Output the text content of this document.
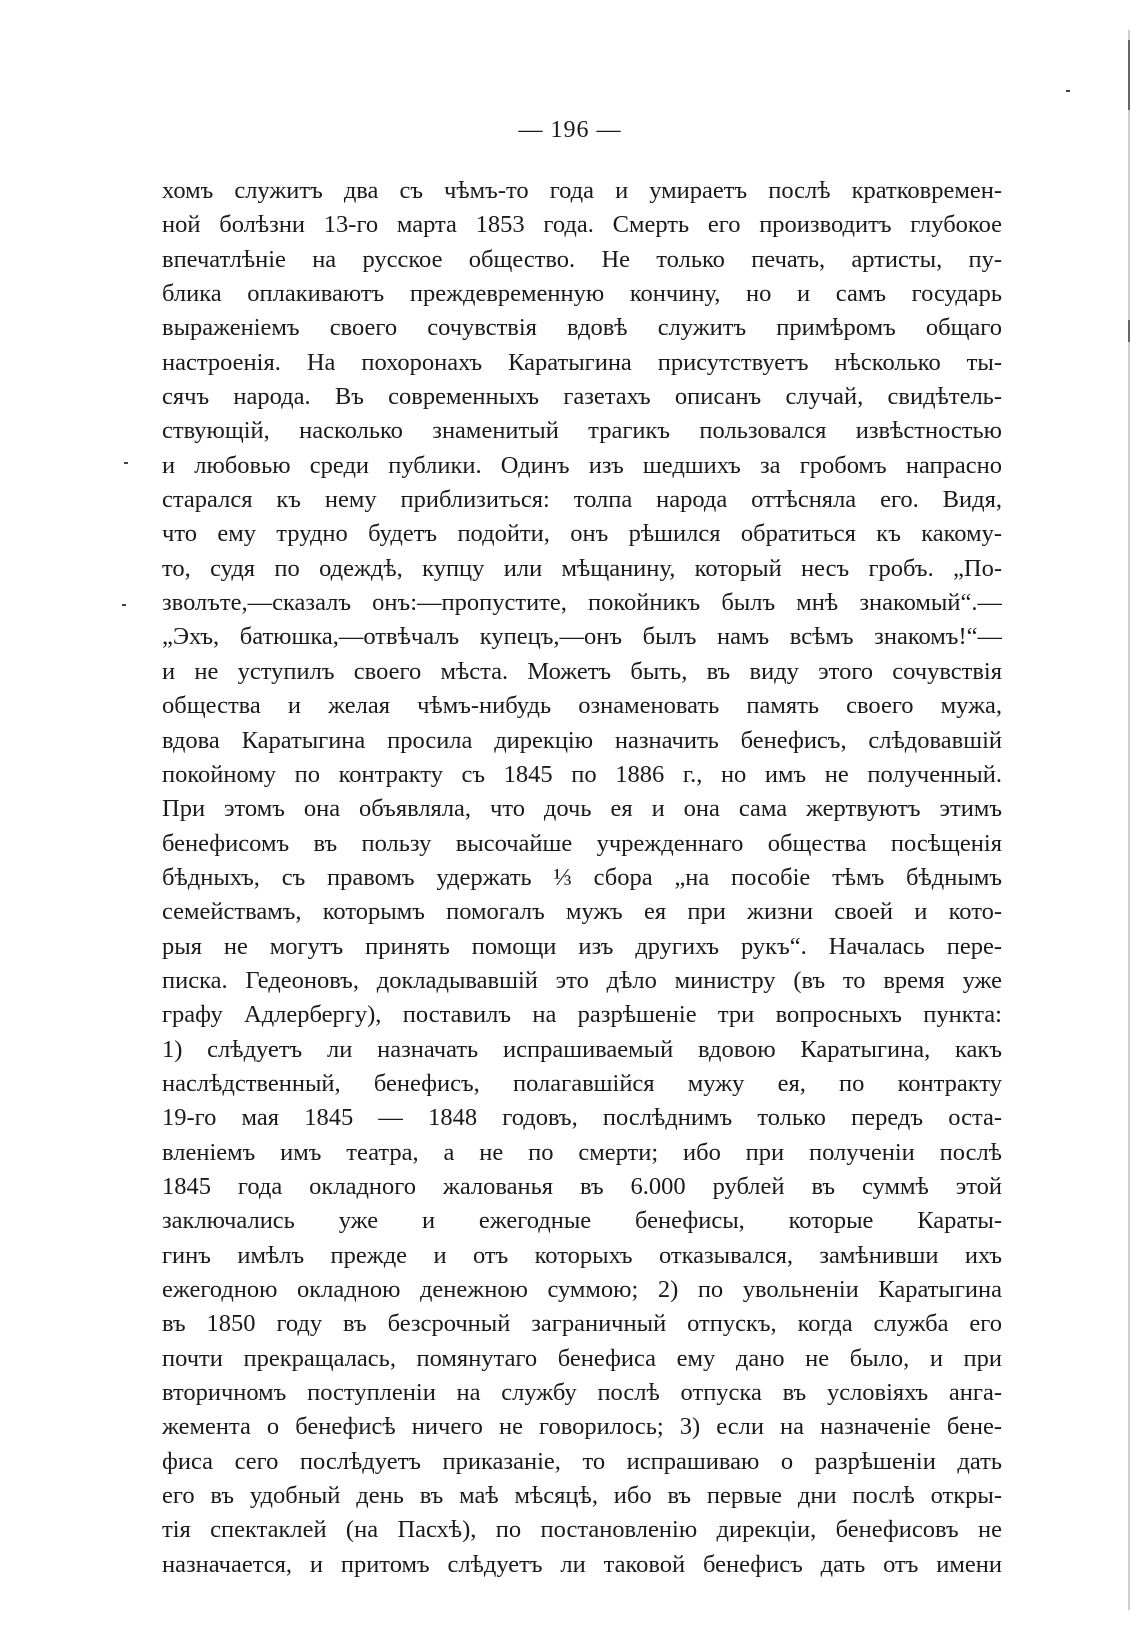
— 196 —
хомъ служитъ два съ чѣмъ-то года и умираетъ послѣ кратковремен-
ной болѣзни 13-го марта 1853 года. Смерть его производитъ глубокое
впечатлѣніе на русское общество. Не только печать, артисты, пу-
блика оплакиваютъ преждевременную кончину, но и самъ государь
выраженіемъ своего сочувствія вдовѣ служитъ примѣромъ общаго
настроенія. На похоронахъ Каратыгина присутствуетъ нѣсколько ты-
сячъ народа. Въ современныхъ газетахъ описанъ случай, свидѣтель-
ствующій, насколько знаменитый трагикъ пользовался извѣстностью
и любовью среди публики. Одинъ изъ шедшихъ за гробомъ напрасно
старался къ нему приблизиться: толпа народа оттѣсняла его. Видя,
что ему трудно будетъ подойти, онъ рѣшился обратиться къ какому-
то, судя по одеждѣ, купцу или мѣщанину, который несъ гробъ. „По-
зволъте,—сказалъ онъ:—пропустите, покойникъ былъ мнѣ знакомый“.—
„Эхъ, батюшка,—отвѣчалъ купецъ,—онъ былъ намъ всѣмъ знакомъ!“—
и не уступилъ своего мѣста. Можетъ быть, въ виду этого сочувствія
общества и желая чѣмъ-нибудь ознаменовать память своего мужа,
вдова Каратыгина просила дирекцію назначить бенефисъ, слѣдовавшій
покойному по контракту съ 1845 по 1886 г., но имъ не полученный.
При этомъ она объявляла, что дочь ея и она сама жертвуютъ этимъ
бенефисомъ въ пользу высочайше учрежденнаго общества посѣщенія
бѣдныхъ, съ правомъ удержать ⅓ сбора „на пособіе тѣмъ бѣднымъ
семействамъ, которымъ помогалъ мужъ ея при жизни своей и кото-
рыя не могутъ принять помощи изъ другихъ рукъ“. Началась пере-
писка. Гедеоновъ, докладывавшій это дѣло министру (въ то время уже
графу Адлербергу), поставилъ на разрѣшеніе три вопросныхъ пункта:
1) слѣдуетъ ли назначать испрашиваемый вдовою Каратыгина, какъ
наслѣдственный, бенефисъ, полагавшійся мужу ея, по контракту
19-го мая 1845 — 1848 годовъ, послѣднимъ только передъ оста-
вленіемъ имъ театра, а не по смерти; ибо при полученіи послѣ
1845 года окладного жалованья въ 6.000 рублей въ суммѣ этой
заключались уже и ежегодные бенефисы, которые Караты-
гинъ имѣлъ прежде и отъ которыхъ отказывался, замѣнивши ихъ
ежегодною окладною денежною суммою; 2) по увольненіи Каратыгина
въ 1850 году въ безсрочный заграничный отпускъ, когда служба его
почти прекращалась, помянутаго бенефиса ему дано не было, и при
вторичномъ поступленіи на службу послѣ отпуска въ условіяхъ анга-
жемента о бенефисѣ ничего не говорилось; 3) если на назначеніе бене-
фиса сего послѣдуетъ приказаніе, то испрашиваю о разрѣшеніи дать
его въ удобный день въ маѣ мѣсяцѣ, ибо въ первые дни послѣ откры-
тія спектаклей (на Пасхѣ), по постановленію дирекціи, бенефисовъ не
назначается, и притомъ слѣдуетъ ли таковой бенефисъ дать отъ имени
